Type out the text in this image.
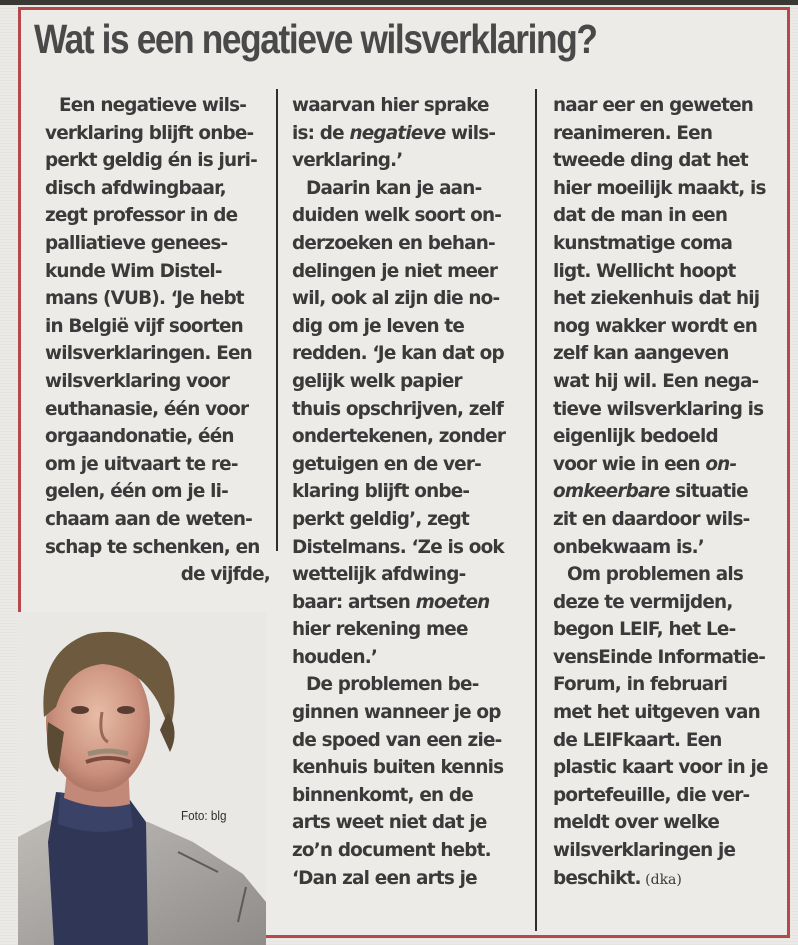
Wat is een negatieve wilsverklaring?
Een negatieve wils-
verklaring blijft onbe-
perkt geldig én is juri-
disch afdwingbaar,
zegt professor in de
palliatieve genees-
kunde Wim Distel-
mans (VUB). ‘Je hebt
in België vijf soorten
wilsverklaringen. Een
wilsverklaring voor
euthanasie, één voor
orgaandonatie, één
om je uitvaart te re-
gelen, één om je li-
chaam aan de weten-
schap te schenken, en
de vijfde,
waarvan hier sprake
is: de negatieve wils-
verklaring.’
Daarin kan je aan-
duiden welk soort on-
derzoeken en behan-
delingen je niet meer
wil, ook al zijn die no-
dig om je leven te
redden. ‘Je kan dat op
gelijk welk papier
thuis opschrijven, zelf
ondertekenen, zonder
getuigen en de ver-
klaring blijft onbe-
perkt geldig’, zegt
Distelmans. ‘Ze is ook
wettelijk afdwing-
baar: artsen moeten
hier rekening mee
houden.’
De problemen be-
ginnen wanneer je op
de spoed van een zie-
kenhuis buiten kennis
binnenkomt, en de
arts weet niet dat je
zo’n document hebt.
‘Dan zal een arts je
naar eer en geweten
reanimeren. Een
tweede ding dat het
hier moeilijk maakt, is
dat de man in een
kunstmatige coma
ligt. Wellicht hoopt
het ziekenhuis dat hij
nog wakker wordt en
zelf kan aangeven
wat hij wil. Een nega-
tieve wilsverklaring is
eigenlijk bedoeld
voor wie in een on-
omkeerbare situatie
zit en daardoor wils-
onbekwaam is.’
Om problemen als
deze te vermijden,
begon LEIF, het Le-
vensEinde Informatie-
Forum, in februari
met het uitgeven van
de LEIFkaart. Een
plastic kaart voor in je
portefeuille, die ver-
meldt over welke
wilsverklaringen je
beschikt. (dka)
Foto: blg
